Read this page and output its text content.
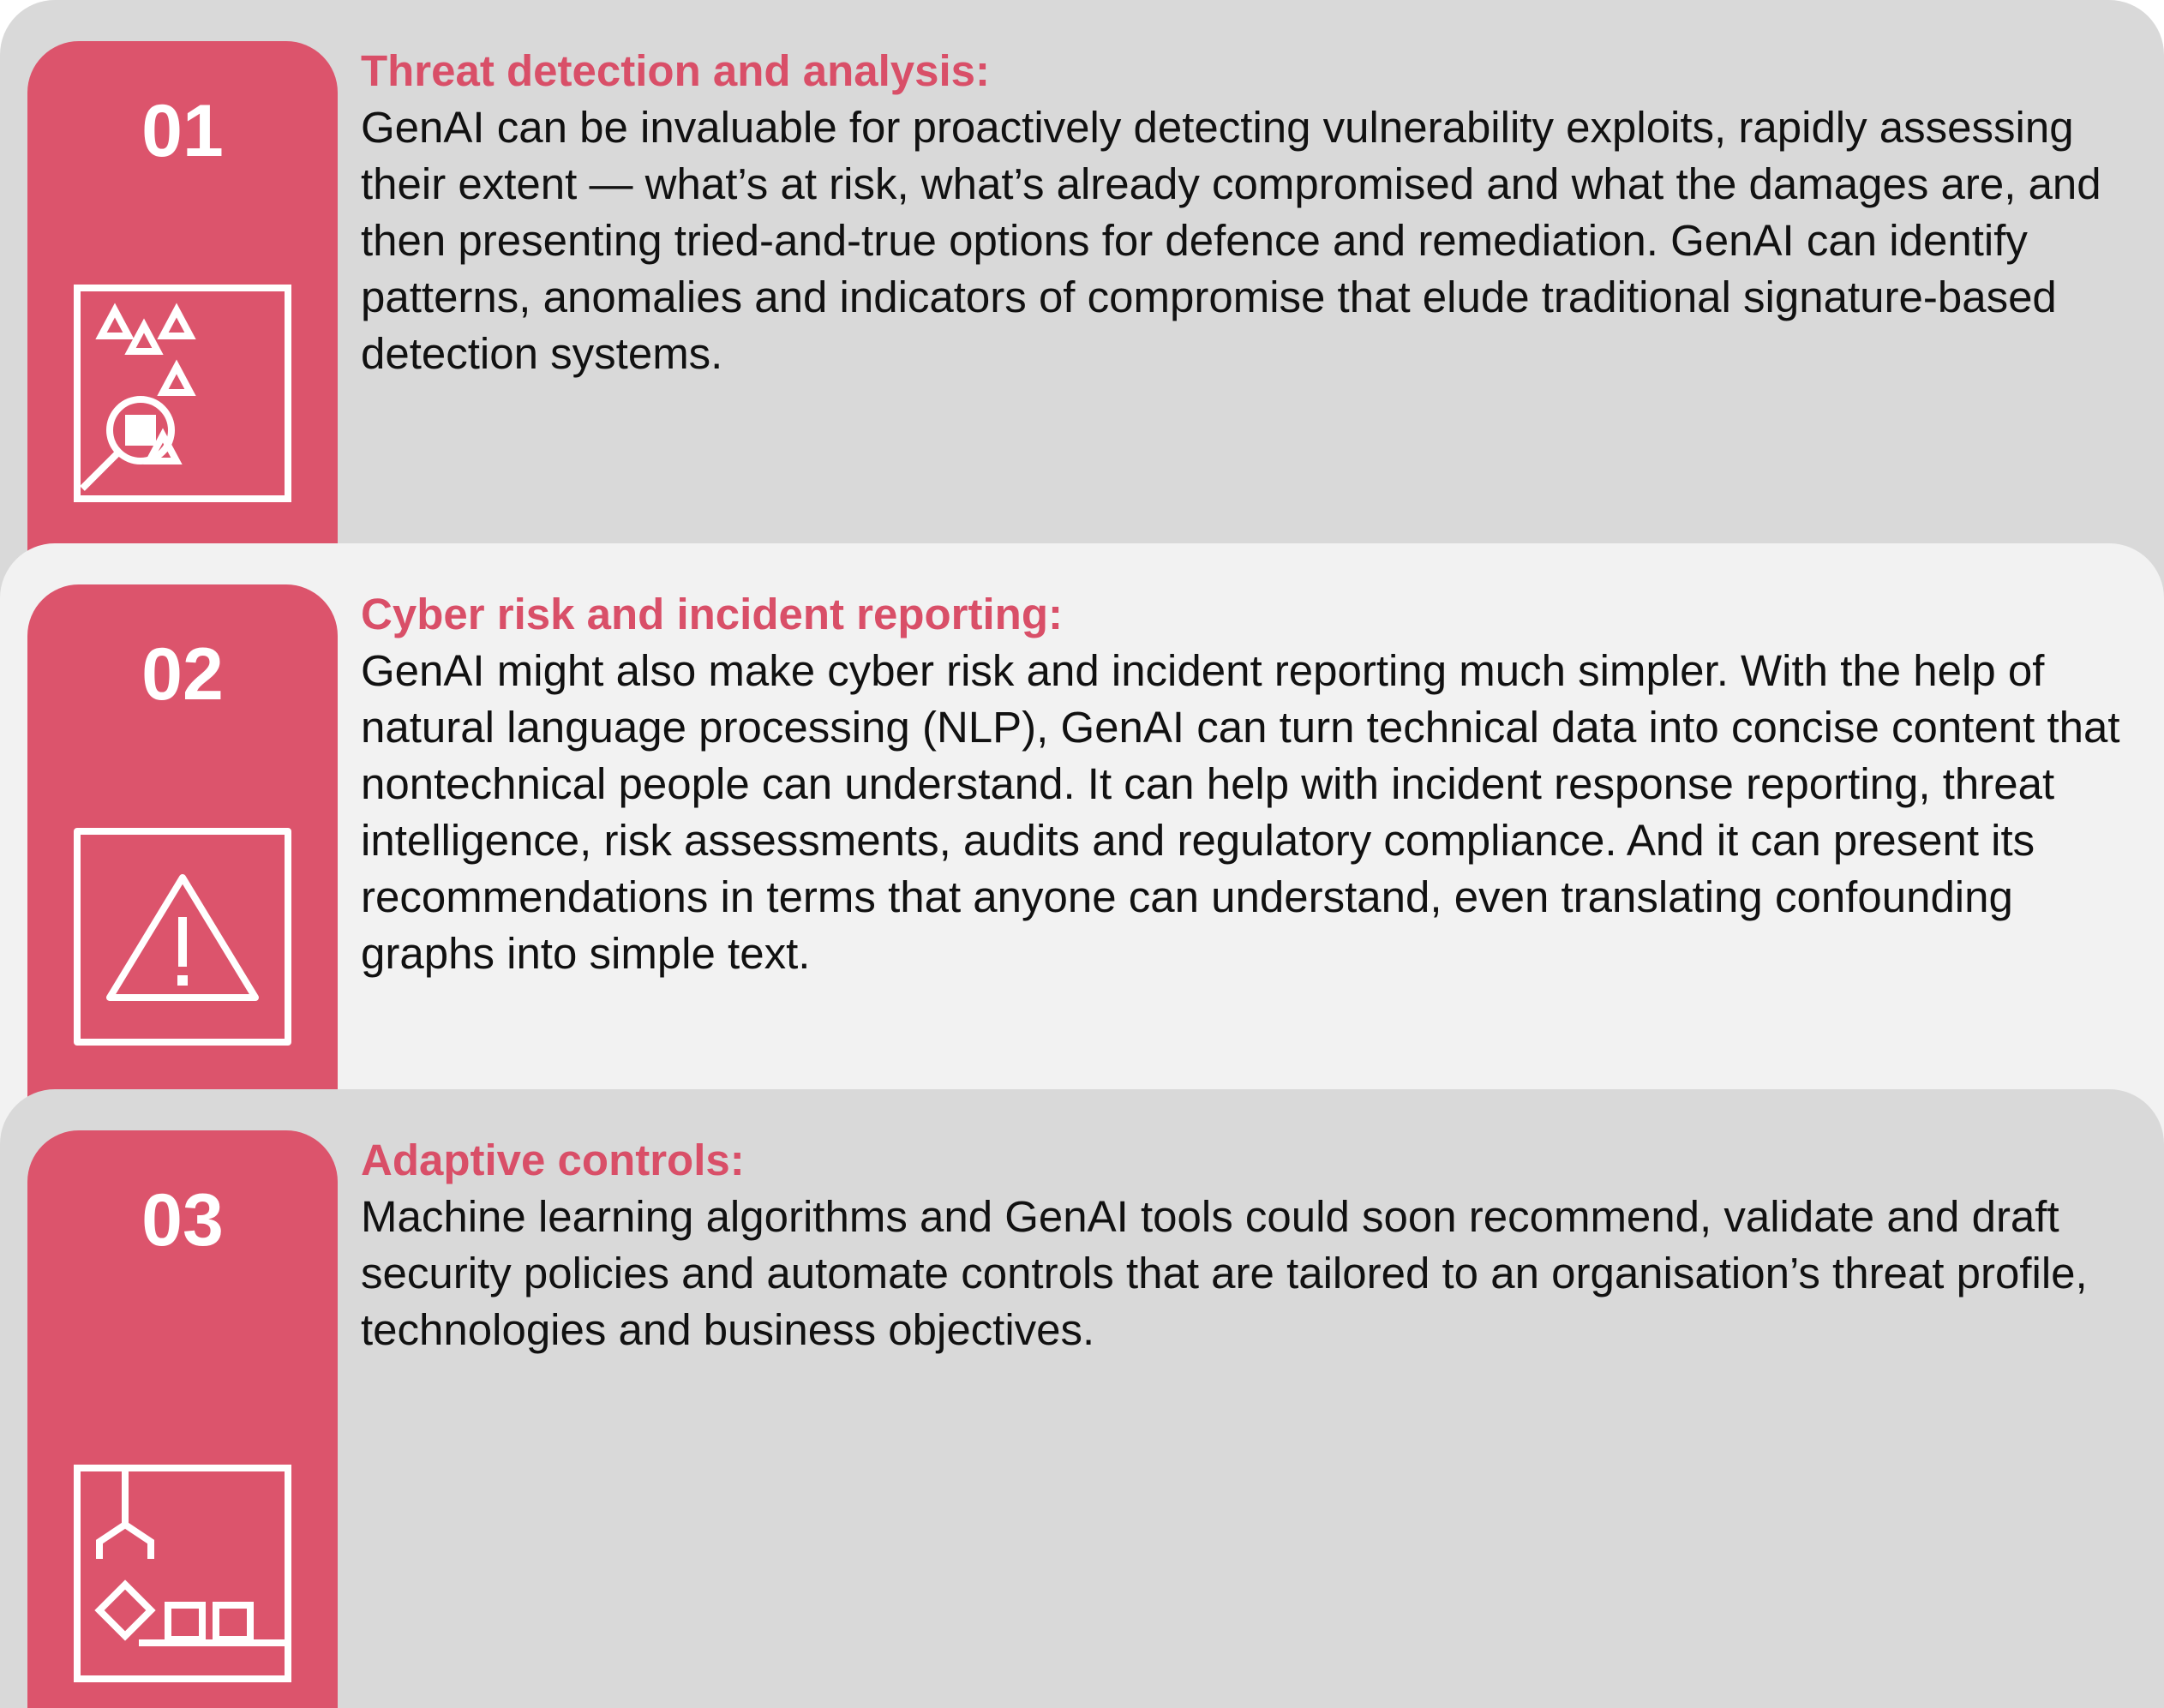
01

Threat detection and analysis:

GenAI can be invaluable for proactively detecting vulnerability exploits, rapidly assessing their extent — what’s at risk, what’s already compromised and what the damages are, and then presenting tried-and-true options for defence and remediation. GenAI can identify patterns, anomalies and indicators of compromise that elude traditional signature-based detection systems.

02

Cyber risk and incident reporting:

GenAI might also make cyber risk and incident reporting much simpler. With the help of natural language processing (NLP), GenAI can turn technical data into concise content that nontechnical people can understand. It can help with incident response reporting, threat intelligence, risk assessments, audits and regulatory compliance. And it can present its recommendations in terms that anyone can understand, even translating confounding graphs into simple text.

03

Adaptive controls:

Machine learning algorithms and GenAI tools could soon recommend, validate and draft security policies and automate controls that are tailored to an organisation’s threat profile, technologies and business objectives.
